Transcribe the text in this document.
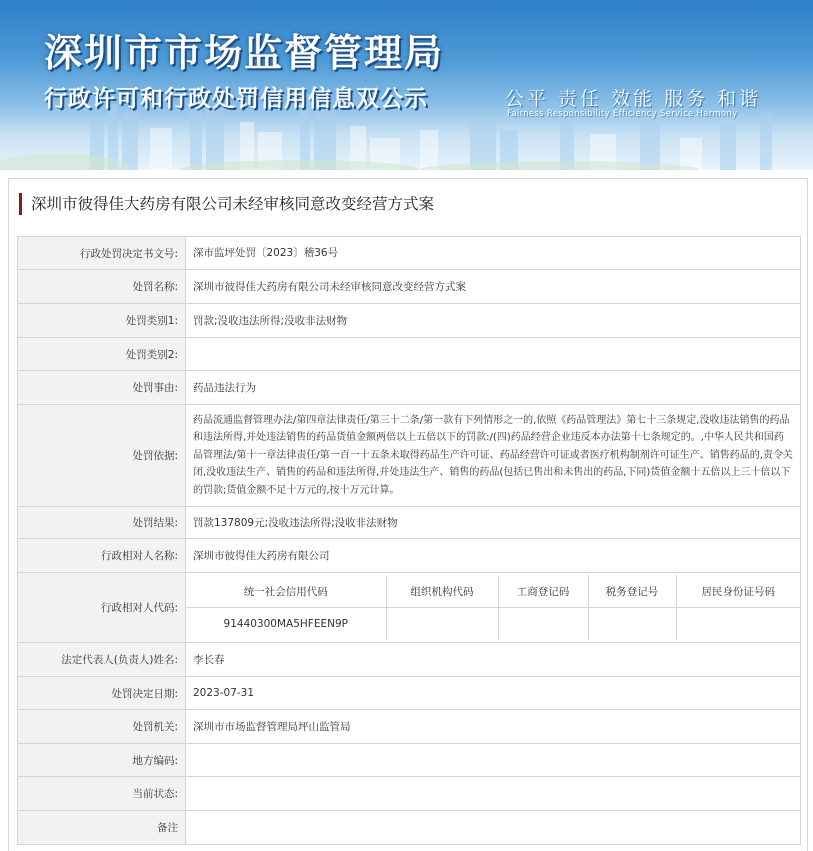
深圳市市场监督管理局
行政许可和行政处罚信用信息双公示	公平 责任 效能 服务 和谐
Fairness Responsibility Efficiency Service Harmony
深圳市彼得佳大药房有限公司未经审核同意改变经营方式案
行政处罚决定书文号:	深市监坪处罚〔2023〕稽36号
处罚名称:	深圳市彼得佳大药房有限公司未经审核同意改变经营方式案
处罚类别1:	罚款;没收违法所得;没收非法财物
处罚类别2:	
处罚事由:	药品违法行为
处罚依据:	药品流通监督管理办法/第四章法律责任/第三十二条/第一款有下列情形之一的,依照《药品管理法》第七十三条规定,没收违法销售的药品和违法所得,并处违法销售的药品货值金额两倍以上五倍以下的罚款:/(四)药品经营企业违反本办法第十七条规定的。,中华人民共和国药品管理法/第十一章法律责任/第一百一十五条未取得药品生产许可证、药品经营许可证或者医疗机构制剂许可证生产、销售药品的,责令关闭,没收违法生产、销售的药品和违法所得,并处违法生产、销售的药品(包括已售出和未售出的药品,下同)货值金额十五倍以上三十倍以下的罚款;货值金额不足十万元的,按十万元计算。
处罚结果:	罚款137809元;没收违法所得;没收非法财物
行政相对人名称:	深圳市彼得佳大药房有限公司
行政相对人代码:	
统一社会信用代码	组织机构代码	工商登记码	税务登记号	居民身份证号码
91440300MA5HFEEN9P				

法定代表人(负责人)姓名:	李长春
处罚决定日期:	2023-07-31
处罚机关:	深圳市市场监督管理局坪山监管局
地方编码:	
当前状态:	
备注	
